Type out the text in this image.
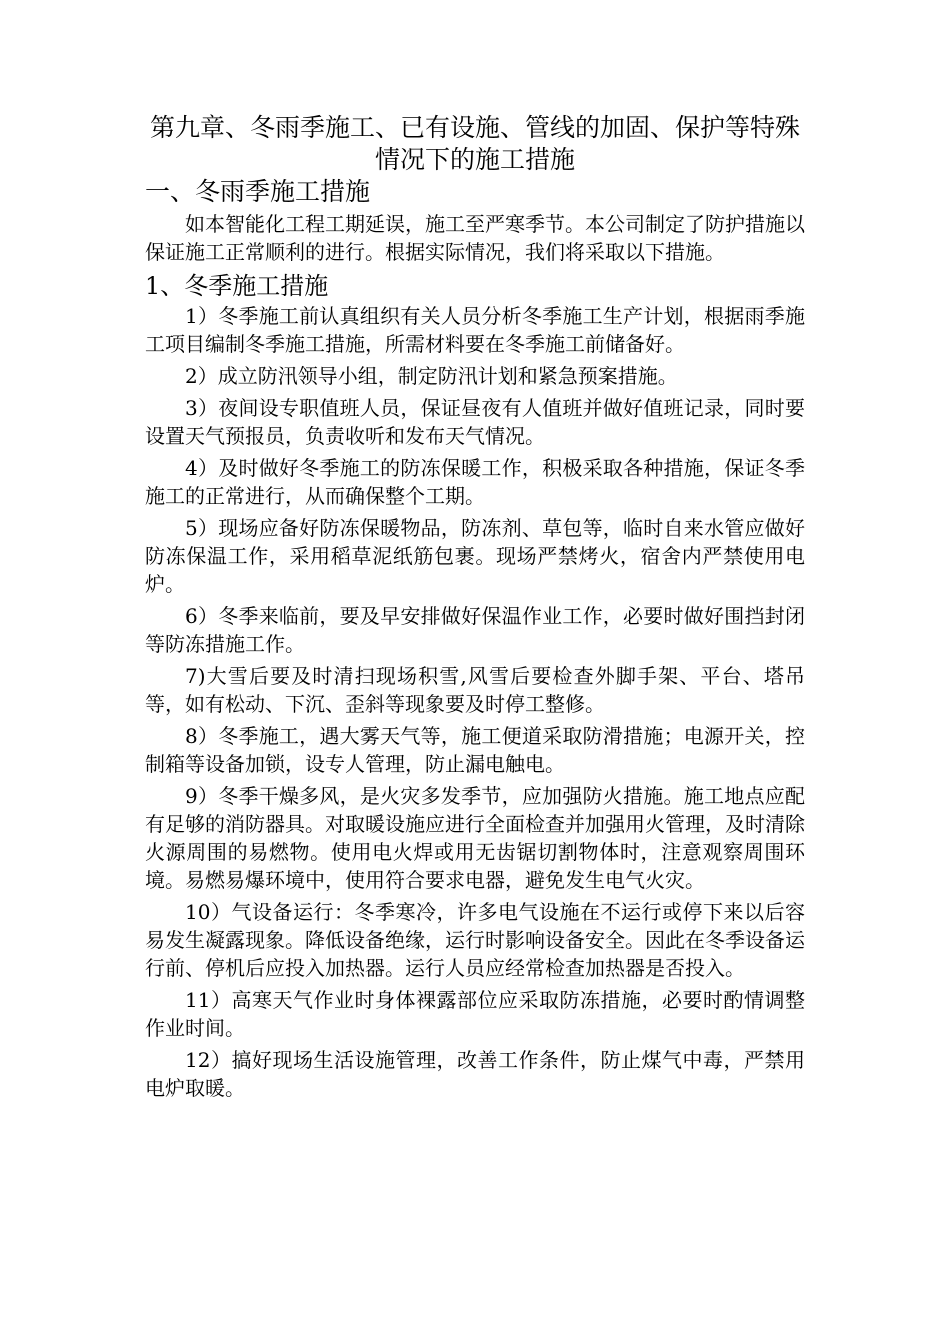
第九章、冬雨季施工、已有设施、管线的加固、保护等特殊
情况下的施工措施
一、冬雨季施工措施

如本智能化工程工期延误，施工至严寒季节。本公司制定了防护措施以保证施工正常顺利的进行。根据实际情况，我们将采取以下措施。

1、冬季施工措施

1）冬季施工前认真组织有关人员分析冬季施工生产计划，根据雨季施工项目编制冬季施工措施，所需材料要在冬季施工前储备好。

2）成立防汛领导小组，制定防汛计划和紧急预案措施。

3）夜间设专职值班人员，保证昼夜有人值班并做好值班记录，同时要设置天气预报员，负责收听和发布天气情况。

4）及时做好冬季施工的防冻保暖工作，积极采取各种措施，保证冬季施工的正常进行，从而确保整个工期。

5）现场应备好防冻保暖物品，防冻剂、草包等，临时自来水管应做好防冻保温工作，采用稻草泥纸筋包裹。现场严禁烤火，宿舍内严禁使用电炉。

6）冬季来临前，要及早安排做好保温作业工作，必要时做好围挡封闭等防冻措施工作。

7)大雪后要及时清扫现场积雪,风雪后要检查外脚手架、平台、塔吊等，如有松动、下沉、歪斜等现象要及时停工整修。

8）冬季施工，遇大雾天气等，施工便道采取防滑措施；电源开关，控制箱等设备加锁，设专人管理，防止漏电触电。

9）冬季干燥多风，是火灾多发季节，应加强防火措施。施工地点应配有足够的消防器具。对取暖设施应进行全面检查并加强用火管理，及时清除火源周围的易燃物。使用电火焊或用无齿锯切割物体时，注意观察周围环境。易燃易爆环境中，使用符合要求电器，避免发生电气火灾。

10）气设备运行：冬季寒冷，许多电气设施在不运行或停下来以后容易发生凝露现象。降低设备绝缘，运行时影响设备安全。因此在冬季设备运行前、停机后应投入加热器。运行人员应经常检查加热器是否投入。

11）高寒天气作业时身体裸露部位应采取防冻措施，必要时酌情调整作业时间。

12）搞好现场生活设施管理，改善工作条件，防止煤气中毒，严禁用电炉取暖。
